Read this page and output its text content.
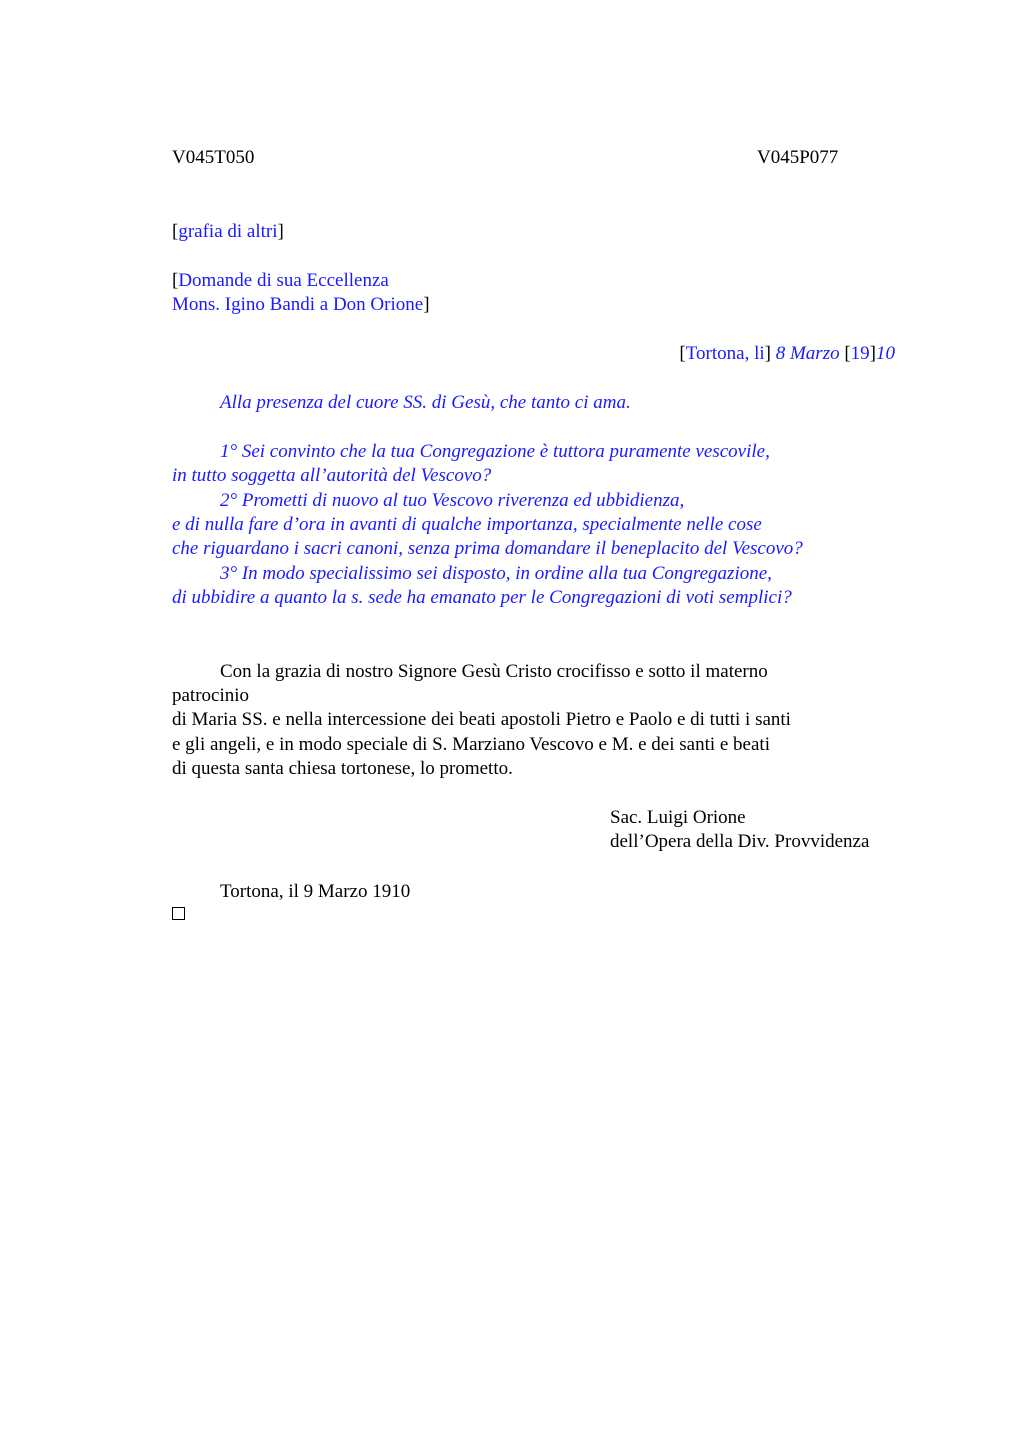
V045T050	V045P077
[grafia di altri]
[Domande di sua Eccellenza
Mons. Igino Bandi a Don Orione]
[Tortona, li] 8 Marzo [19]10
Alla presenza del cuore SS. di Gesù, che tanto ci ama.
1° Sei convinto che la tua Congregazione è tuttora puramente vescovile,
in tutto soggetta all’autorità del Vescovo?
2° Prometti di nuovo al tuo Vescovo riverenza ed ubbidienza,
e di nulla fare d’ora in avanti di qualche importanza, specialmente nelle cose
che riguardano i sacri canoni, senza prima domandare il beneplacito del Vescovo?
3° In modo specialissimo sei disposto, in ordine alla tua Congregazione,
di ubbidire a quanto la s. sede ha emanato per le Congregazioni di voti semplici?
Con la grazia di nostro Signore Gesù Cristo crocifisso e sotto il materno
patrocinio
di Maria SS. e nella intercessione dei beati apostoli Pietro e Paolo e di tutti i santi
e gli angeli, e in modo speciale di S. Marziano Vescovo e M. e dei santi e beati
di questa santa chiesa tortonese, lo prometto.
Sac. Luigi Orione
dell’Opera della Div. Provvidenza
Tortona, il 9 Marzo 1910
